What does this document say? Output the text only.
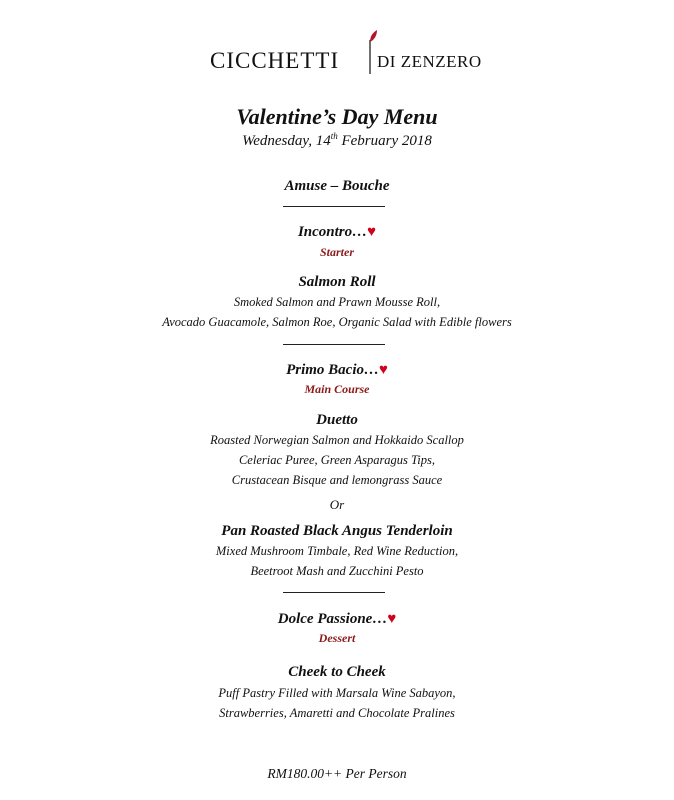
CICCHETTI DI ZENZERO
Valentine’s Day Menu
Wednesday, 14th February 2018
Amuse – Bouche
Incontro…♥
Starter
Salmon Roll
Smoked Salmon and Prawn Mousse Roll,
Avocado Guacamole, Salmon Roe, Organic Salad with Edible flowers
Primo Bacio…♥
Main Course
Duetto
Roasted Norwegian Salmon and Hokkaido Scallop
Celeriac Puree, Green Asparagus Tips,
Crustacean Bisque and lemongrass Sauce
Or
Pan Roasted Black Angus Tenderloin
Mixed Mushroom Timbale, Red Wine Reduction,
Beetroot Mash and Zucchini Pesto
Dolce Passione…♥
Dessert
Cheek to Cheek
Puff Pastry Filled with Marsala Wine Sabayon,
Strawberries, Amaretti and Chocolate Pralines
RM180.00++ Per Person
